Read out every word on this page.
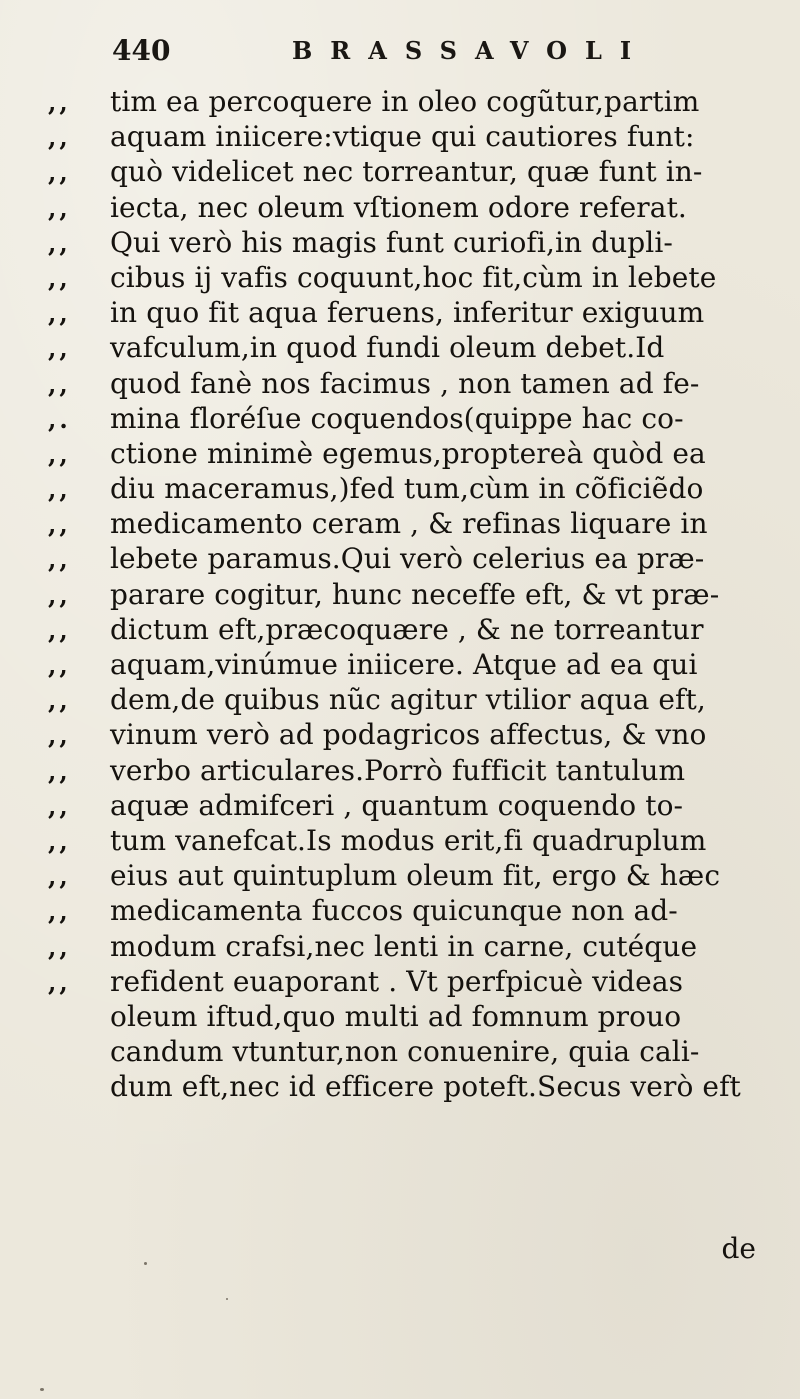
440	BRASSAVOLI
,,	tim ea percoquere in oleo cogũtur,partim
,,	aquam iniicere:vtique qui cautiores funt:
,,	quò videlicet nec torreantur, quæ funt in-
,,	iecta, nec oleum vſtionem odore referat.
,,	Qui verò his magis funt curiofi,in dupli-
,,	cibus ij vafis coquunt,hoc fit,cùm in lebete
,,	in quo fit aqua feruens, inferitur exiguum
,,	vafculum,in quod fundi oleum debet.Id
,,	quod fanè nos facimus , non tamen ad fe-
,.	mina floréſue coquendos(quippe hac co-
,,	ctione minimè egemus,proptereà quòd ea
,,	diu maceramus,)fed tum,cùm in cõficiẽdo
,,	medicamento ceram , & refinas liquare in
,,	lebete paramus.Qui verò celerius ea præ-
,,	parare cogitur, hunc neceffe eft, & vt præ-
,,	dictum eft,præcoquære , & ne torreantur
,,	aquam,vinúmue iniicere. Atque ad ea qui
,,	dem,de quibus nũc agitur vtilior aqua eft,
,,	vinum verò ad podagricos affectus, & vno
,,	verbo articulares.Porrò fufficit tantulum
,,	aquæ admifceri , quantum coquendo to-
,,	tum vanefcat.Is modus erit,fi quadruplum
,,	eius aut quintuplum oleum fit, ergo & hæc
,,	medicamenta fuccos quicunque non ad-
,,	modum crafsi,nec lenti in carne, cutéque
,,	refident euaporant . Vt perfpicuè videas
oleum iftud,quo multi ad fomnum prouo
candum vtuntur,non conuenire, quia cali-
dum eft,nec id efficere poteft.Secus verò eft
de
